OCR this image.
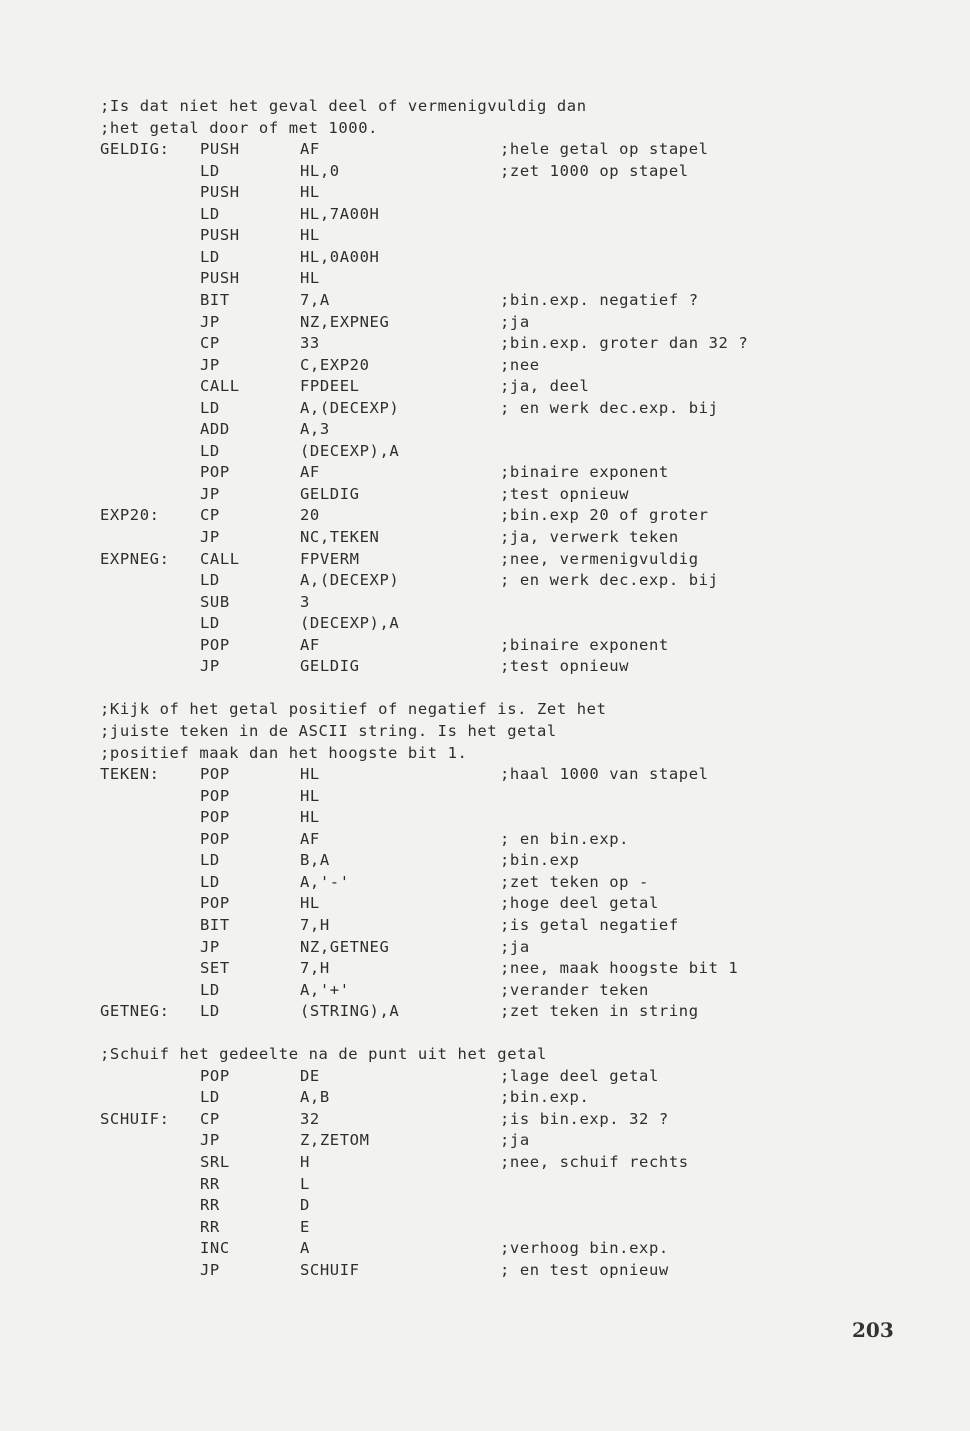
;Is dat niet het geval deel of vermenigvuldig dan
;het getal door of met 1000.
GELDIG: PUSH	AF	;hele getal op stapel
LD	HL,0	;zet 1000 op stapel
PUSH	HL
LD	HL,7A00H
PUSH	HL
LD	HL,0A00H
PUSH	HL
BIT	7,A	;bin.exp. negatief ?
JP	NZ,EXPNEG	;ja
CP	33	;bin.exp. groter dan 32 ?
JP	C,EXP20	;nee
CALL	FPDEEL	;ja, deel
LD	A,(DECEXP)	; en werk dec.exp. bij
ADD	A,3
LD	(DECEXP),A
POP	AF	;binaire exponent
JP	GELDIG	;test opnieuw
EXP20:	CP	20	;bin.exp 20 of groter
JP	NC,TEKEN	;ja, verwerk teken
EXPNEG: CALL	FPVERM	;nee, vermenigvuldig
LD	A,(DECEXP)	; en werk dec.exp. bij
SUB	3
LD	(DECEXP),A
POP	AF	;binaire exponent
JP	GELDIG	;test opnieuw
;Kijk of het getal positief of negatief is. Zet het
;juiste teken in de ASCII string. Is het getal
;positief maak dan het hoogste bit 1.
TEKEN:	POP	HL	;haal 1000 van stapel
POP	HL
POP	HL
POP	AF	; en bin.exp.
LD	B,A	;bin.exp
LD	A,'-'	;zet teken op -
POP	HL	;hoge deel getal
BIT	7,H	;is getal negatief
JP	NZ,GETNEG	;ja
SET	7,H	;nee, maak hoogste bit 1
LD	A,'+'	;verander teken
GETNEG: LD	(STRING),A	;zet teken in string
;Schuif het gedeelte na de punt uit het getal
POP	DE	;lage deel getal
LD	A,B	;bin.exp.
SCHUIF: CP	32	;is bin.exp. 32 ?
JP	Z,ZETOM	;ja
SRL	H	;nee, schuif rechts
RR	L
RR	D
RR	E
INC	A	;verhoog bin.exp.
JP	SCHUIF	; en test opnieuw
203
